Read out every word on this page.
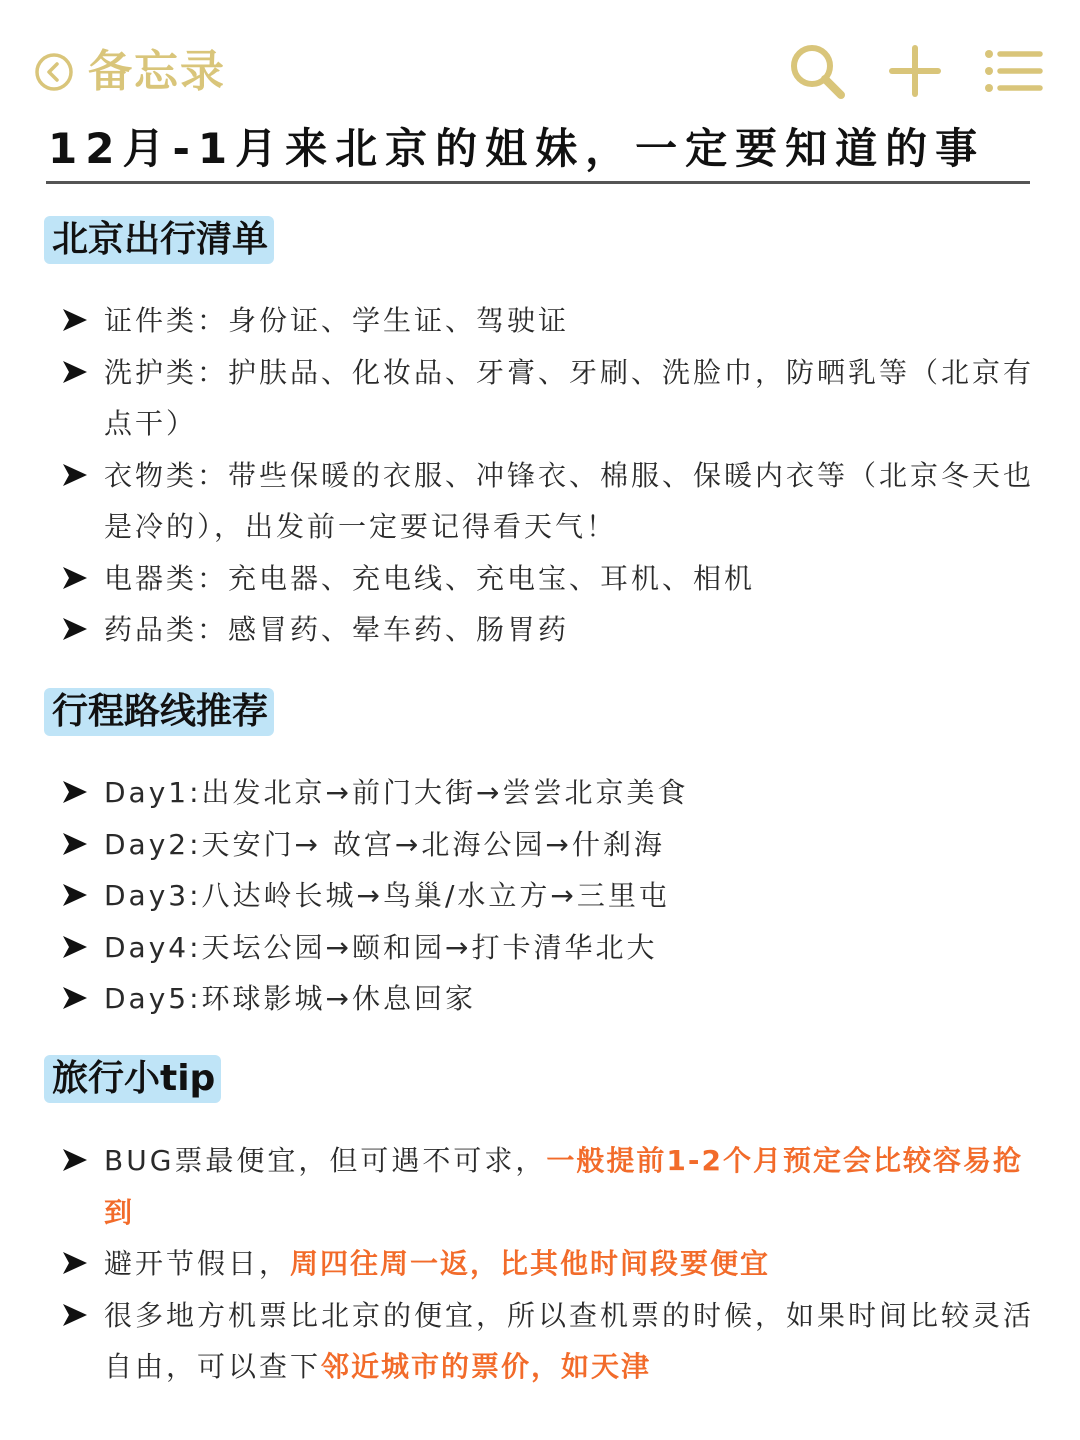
备忘录
12月-1月来北京的姐妹，一定要知道的事
北京出行清单
证件类：身份证、学生证、驾驶证
洗护类：护肤品、化妆品、牙膏、牙刷、洗脸巾，防晒乳等（北京有点干）
衣物类：带些保暖的衣服、冲锋衣、棉服、保暖内衣等（北京冬天也是冷的），出发前一定要记得看天气！
电器类：充电器、充电线、充电宝、耳机、相机
药品类：感冒药、晕车药、肠胃药
行程路线推荐
Day1:出发北京→前门大街→尝尝北京美食
Day2:天安门→ 故宫→北海公园→什刹海
Day3:八达岭长城→鸟巢/水立方→三里屯
Day4:天坛公园→颐和园→打卡清华北大
Day5:环球影城→休息回家
旅行小tip
BUG票最便宜，但可遇不可求，一般提前1-2个月预定会比较容易抢到
避开节假日，周四往周一返，比其他时间段要便宜
很多地方机票比北京的便宜，所以查机票的时候，如果时间比较灵活自由，可以查下邻近城市的票价，如天津
